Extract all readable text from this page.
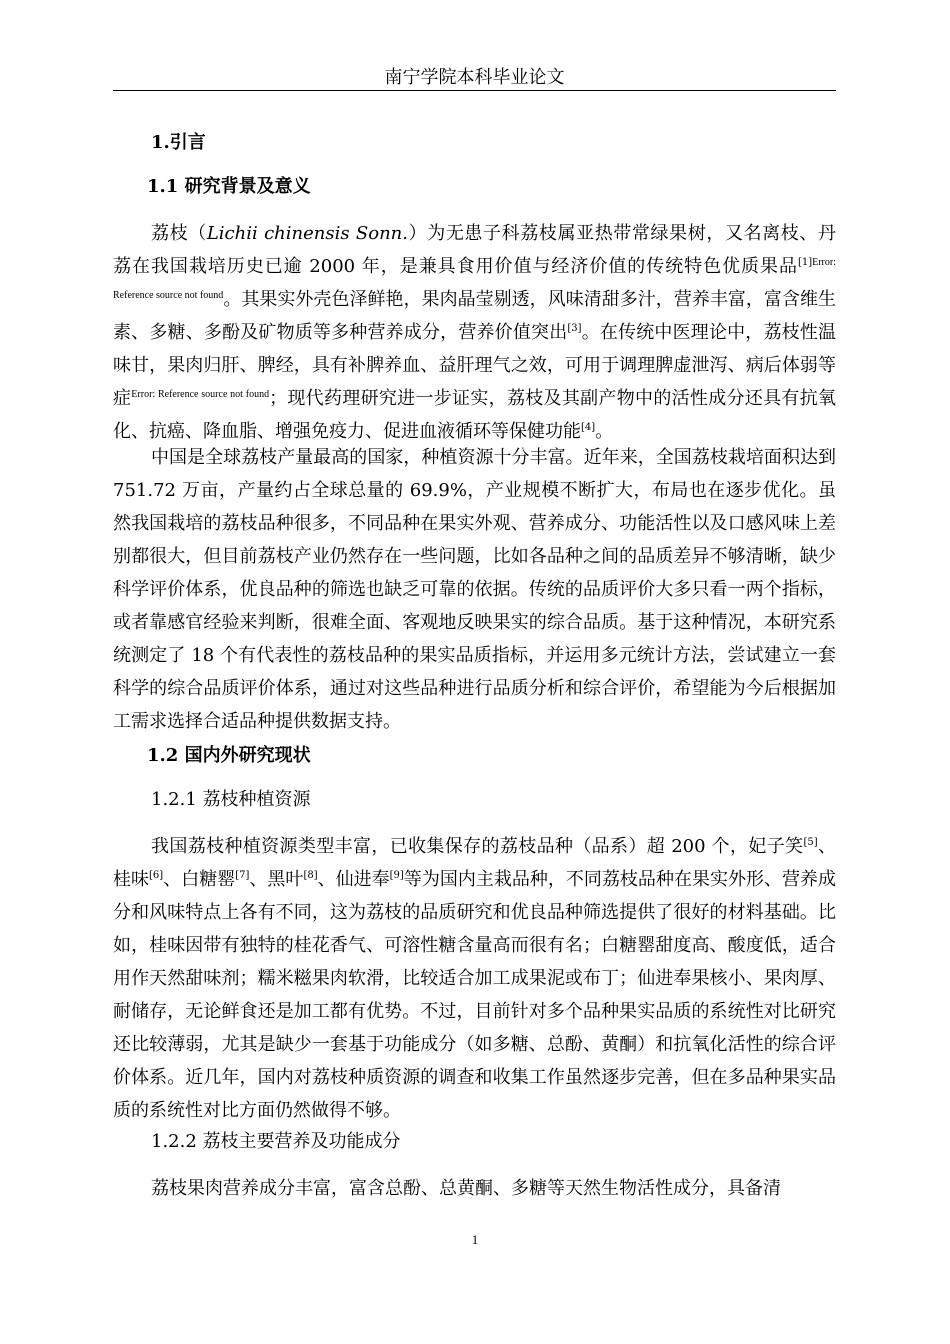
南宁学院本科毕业论文
1.引言
1.1 研究背景及意义
荔枝（Lichii chinensis Sonn.）为无患子科荔枝属亚热带常绿果树，又名离枝、丹荔在我国栽培历史已逾 2000 年，是兼具食用价值与经济价值的传统特色优质果品$^{[1]Error: Reference source not found}$。其果实外壳色泽鲜艳，果肉晶莹剔透，风味清甜多汁，营养丰富，富含维生素、多糖、多酚及矿物质等多种营养成分，营养价值突出[3]。在传统中医理论中，荔枝性温味甘，果肉归肝、脾经，具有补脾养血、益肝理气之效，可用于调理脾虚泄泻、病后体弱等症$^{Error: Reference source not found}$；现代药理研究进一步证实，荔枝及其副产物中的活性成分还具有抗氧化、抗癌、降血脂、增强免疫力、促进血液循环等保健功能[4]。
中国是全球荔枝产量最高的国家，种植资源十分丰富。近年来，全国荔枝栽培面积达到 751.72 万亩，产量约占全球总量的 69.9%，产业规模不断扩大，布局也在逐步优化。虽然我国栽培的荔枝品种很多，不同品种在果实外观、营养成分、功能活性以及口感风味上差别都很大，但目前荔枝产业仍然存在一些问题，比如各品种之间的品质差异不够清晰，缺少科学评价体系，优良品种的筛选也缺乏可靠的依据。传统的品质评价大多只看一两个指标，或者靠感官经验来判断，很难全面、客观地反映果实的综合品质。基于这种情况，本研究系统测定了 18 个有代表性的荔枝品种的果实品质指标，并运用多元统计方法，尝试建立一套科学的综合品质评价体系，通过对这些品种进行品质分析和综合评价，希望能为今后根据加工需求选择合适品种提供数据支持。
1.2 国内外研究现状
1.2.1 荔枝种植资源
我国荔枝种植资源类型丰富，已收集保存的荔枝品种（品系）超 200 个，妃子笑[5]、桂味[6]、白糖罂[7]、黑叶[8]、仙进奉[9]等为国内主栽品种，不同荔枝品种在果实外形、营养成分和风味特点上各有不同，这为荔枝的品质研究和优良品种筛选提供了很好的材料基础。比如，桂味因带有独特的桂花香气、可溶性糖含量高而很有名；白糖罂甜度高、酸度低，适合用作天然甜味剂；糯米糍果肉软滑，比较适合加工成果泥或布丁；仙进奉果核小、果肉厚、耐储存，无论鲜食还是加工都有优势。不过，目前针对多个品种果实品质的系统性对比研究还比较薄弱，尤其是缺少一套基于功能成分（如多糖、总酚、黄酮）和抗氧化活性的综合评价体系。近几年，国内对荔枝种质资源的调查和收集工作虽然逐步完善，但在多品种果实品质的系统性对比方面仍然做得不够。
1.2.2 荔枝主要营养及功能成分
荔枝果肉营养成分丰富，富含总酚、总黄酮、多糖等天然生物活性成分，具备清
1
